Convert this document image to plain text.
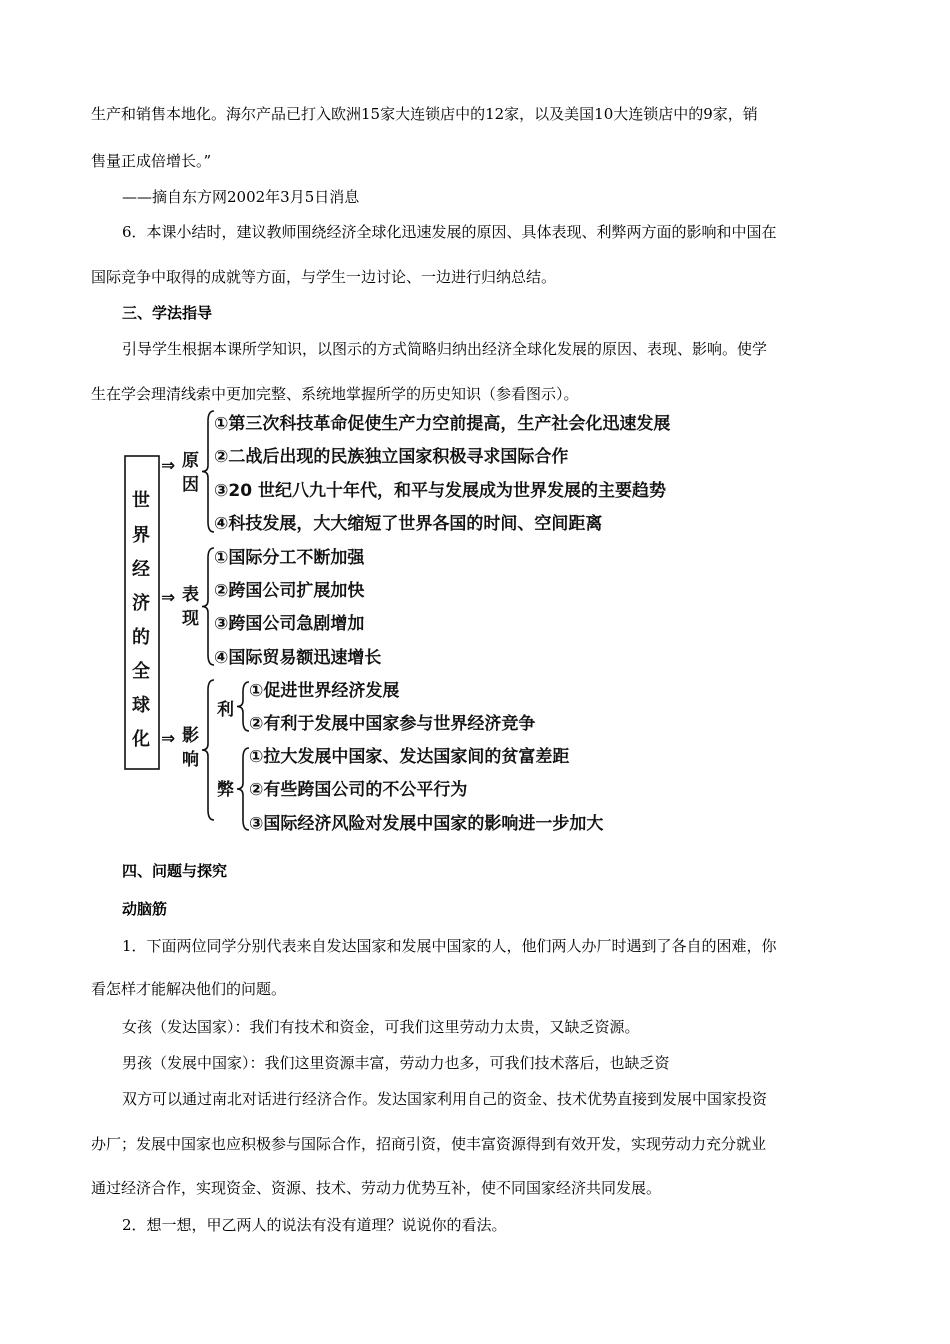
生产和销售本地化。海尔产品已打入欧洲15家大连锁店中的12家，以及美国10大连锁店中的9家，销
售量正成倍增长。”
——摘自东方网2002年3月5日消息
6．本课小结时，建议教师围绕经济全球化迅速发展的原因、具体表现、利弊两方面的影响和中国在
国际竞争中取得的成就等方面，与学生一边讨论、一边进行归纳总结。
三、学法指导
引导学生根据本课所学知识，以图示的方式简略归纳出经济全球化发展的原因、表现、影响。使学
生在学会理清线索中更加完整、系统地掌握所学的历史知识（参看图示）。
世
界
经
济
的
全
球
化
⇒
⇒
⇒
原
因
表
现
影
响
①第三次科技革命促使生产力空前提高，生产社会化迅速发展
②二战后出现的民族独立国家积极寻求国际合作
③20 世纪八九十年代，和平与发展成为世界发展的主要趋势
④科技发展，大大缩短了世界各国的时间、空间距离
①国际分工不断加强
②跨国公司扩展加快
③跨国公司急剧增加
④国际贸易额迅速增长
利
弊
①促进世界经济发展
②有利于发展中国家参与世界经济竞争
①拉大发展中国家、发达国家间的贫富差距
②有些跨国公司的不公平行为
③国际经济风险对发展中国家的影响进一步加大
四、问题与探究
动脑筋
1．下面两位同学分别代表来自发达国家和发展中国家的人，他们两人办厂时遇到了各自的困难，你
看怎样才能解决他们的问题。
女孩（发达国家）：我们有技术和资金，可我们这里劳动力太贵，又缺乏资源。
男孩（发展中国家）：我们这里资源丰富，劳动力也多，可我们技术落后，也缺乏资
双方可以通过南北对话进行经济合作。发达国家利用自己的资金、技术优势直接到发展中国家投资
办厂；发展中国家也应积极参与国际合作，招商引资，使丰富资源得到有效开发，实现劳动力充分就业
通过经济合作，实现资金、资源、技术、劳动力优势互补，使不同国家经济共同发展。
2．想一想，甲乙两人的说法有没有道理？说说你的看法。
